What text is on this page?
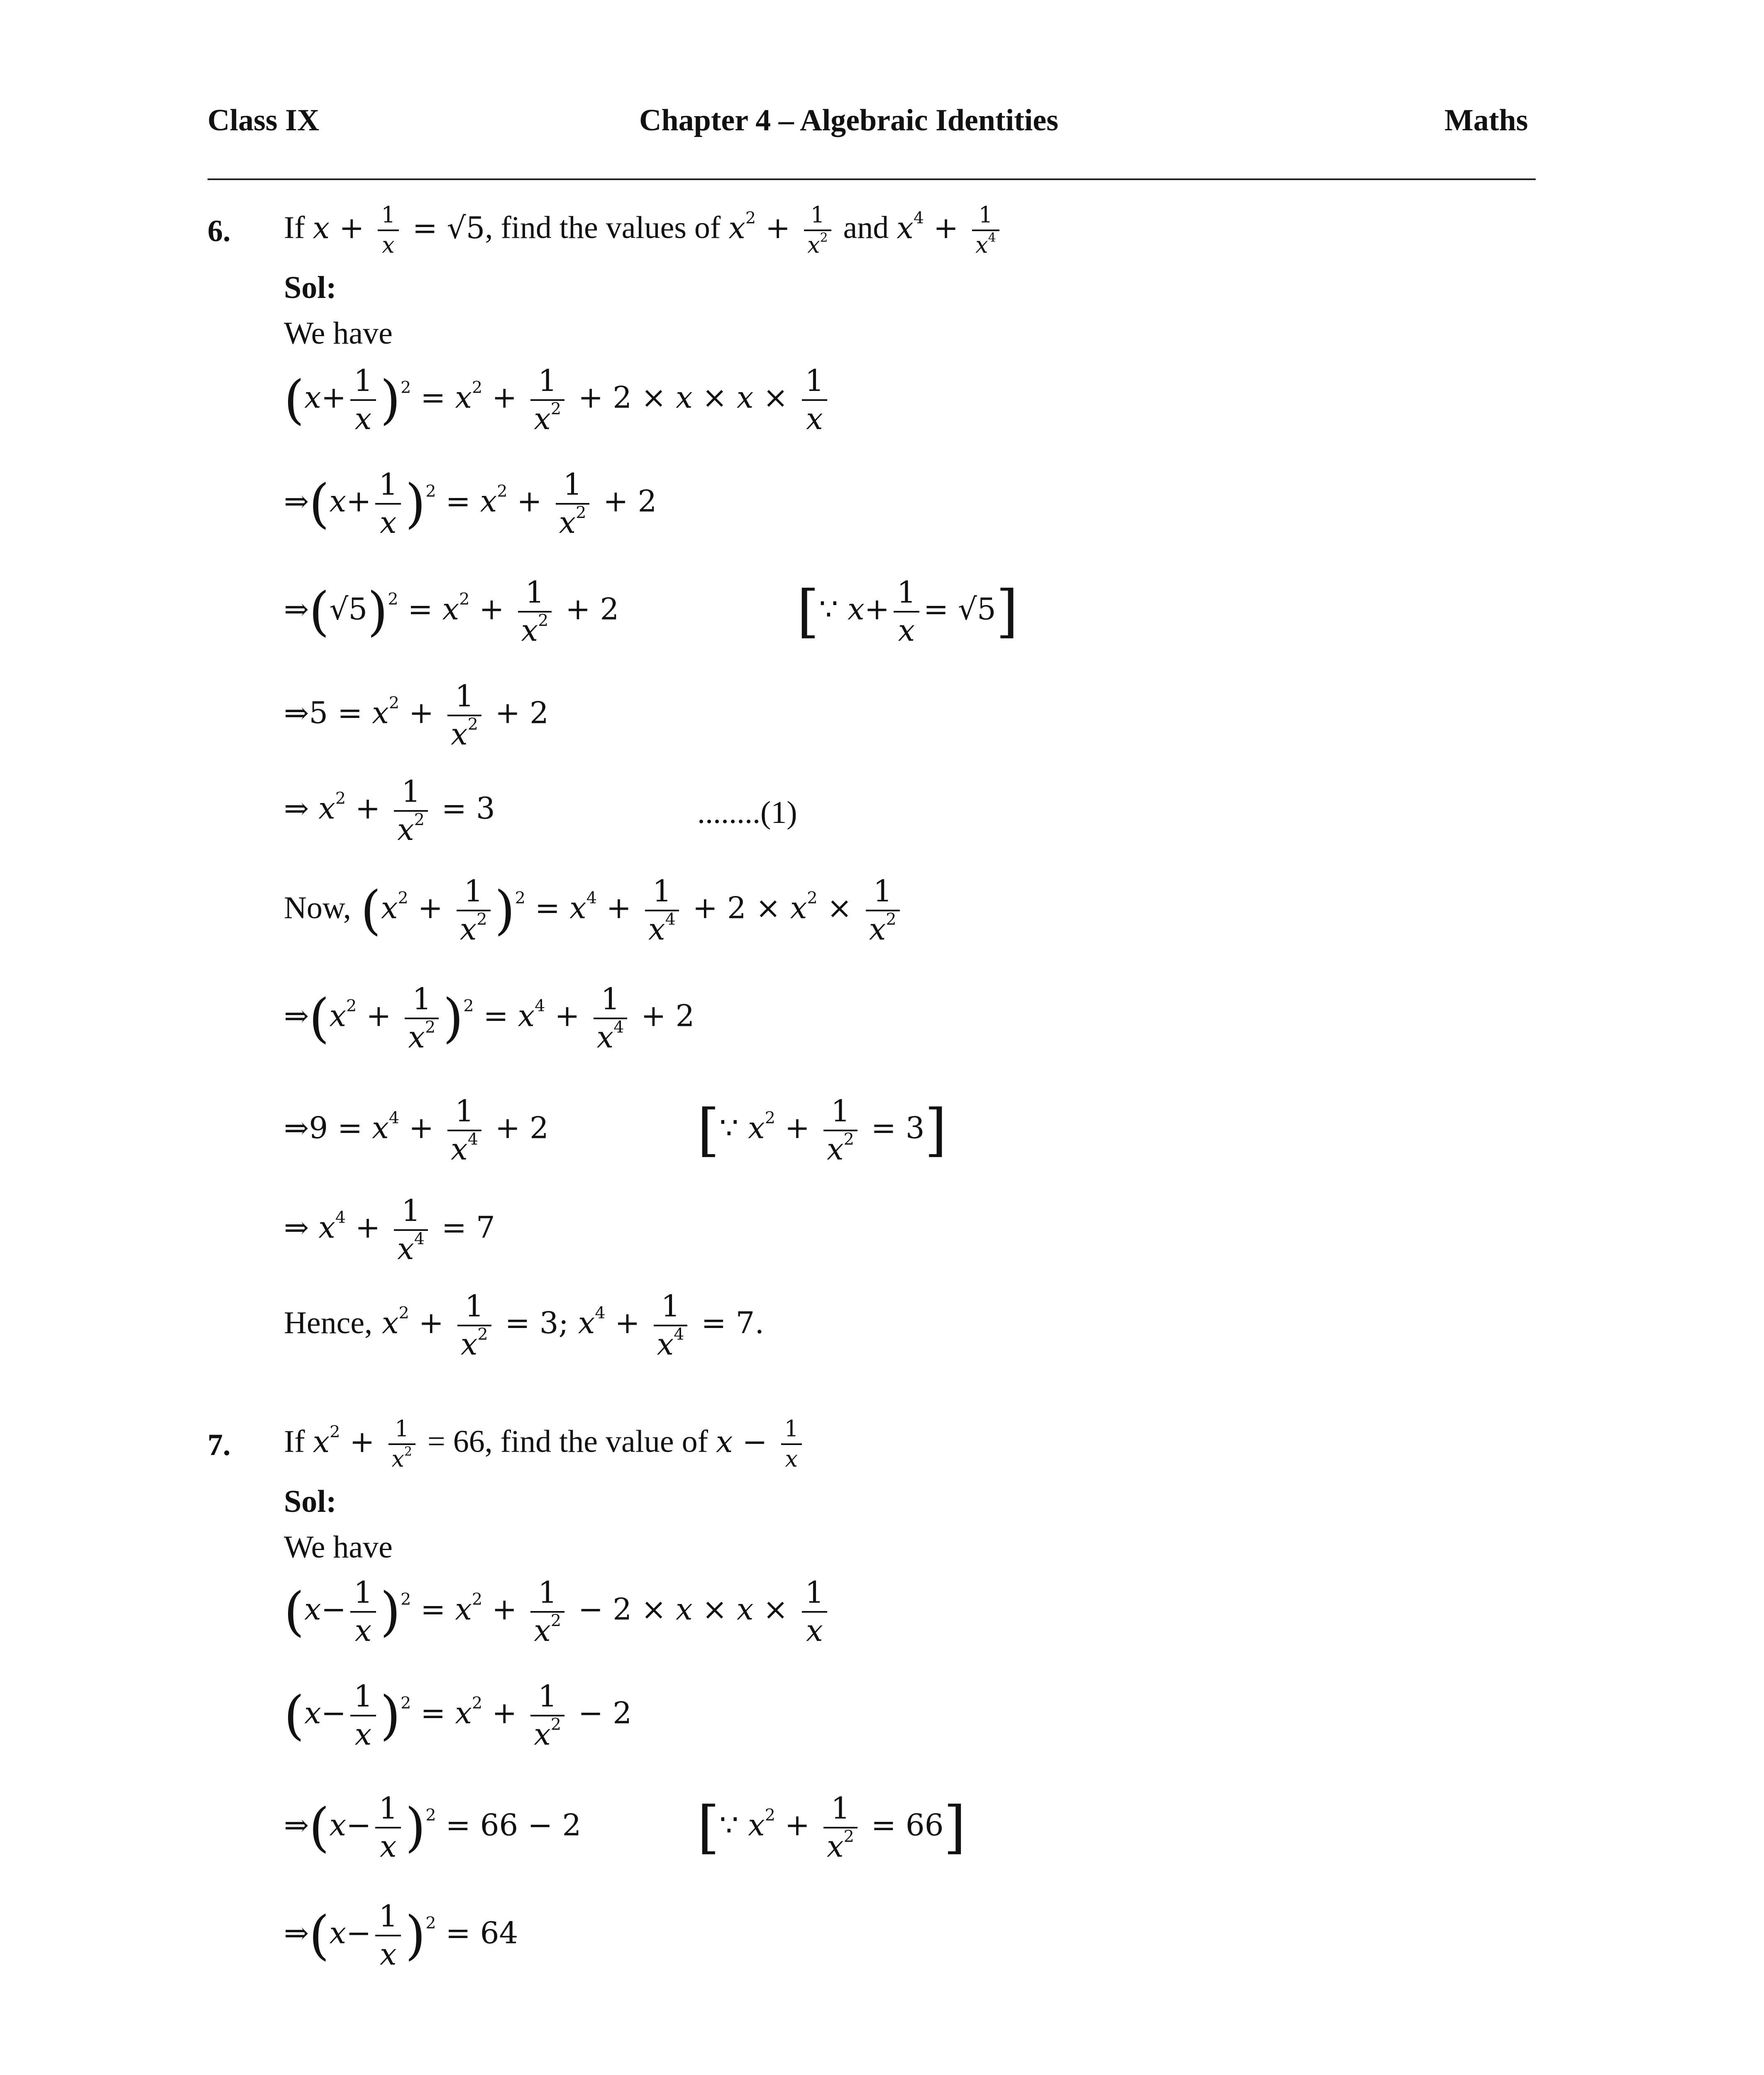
Class IX	Chapter 4 – Algebraic Identities	Maths
6. If $x + \frac{1}{x} = √5$, find the values of $x^2 + \frac{1}{x^2}$ and $x^4 + \frac{1}{x^4}$
Sol:
We have
$(x+ \frac{1}{x} )^2 = x^2 + \frac{1}{x^2} + 2 \times x \times x \times \frac{1}{x}$
⇒(x+ $\frac{1}{x} )^2 = x^2 + \frac{1}{x^2} + 2$
$\Rightarrow(√5)^2 = x^2 + \frac{1}{x^2} + 2$	[∵ $x+ \frac{1}{x} = √5$]
⇒5 = $x^2 + \frac{1}{x^2} + 2$
⇒ $x^2 + \frac{1}{x^2} = 3$	........(1)
Now, $(x^2 + \frac{1}{x^2} )^2 = x^4 + \frac{1}{x^4} + 2 \times x^2 \times \frac{1}{x^2}$
$\Rightarrow(x^2 + \frac{1}{x^2} )^2 = x^4 + \frac{1}{x^4} + 2$
⇒9 = $x^4 + \frac{1}{x^4} + 2$	[∵ $x^2 + \frac{1}{x^2} = 3$]
⇒ $x^4 + \frac{1}{x^4} = 7$
Hence, $x^2 + \frac{1}{x^2} = 3$; $x^4 + \frac{1}{x^4} = 7$.
7. If $x^2 + \frac{1}{x^2} = 66$, find the value of $x - \frac{1}{x}$
Sol:
We have
$(x- \frac{1}{x} )^2 = x^2 + \frac{1}{x^2} - 2 \times x \times x \times \frac{1}{x}$
$(x- \frac{1}{x} )^2 = x^2 + \frac{1}{x^2} - 2$
⇒(x− $\frac{1}{x} )^2 = 66 - 2$ [∵ $x^2 + \frac{1}{x^2} = 66$]
⇒(x− $\frac{1}{x} )^2 = 64$
